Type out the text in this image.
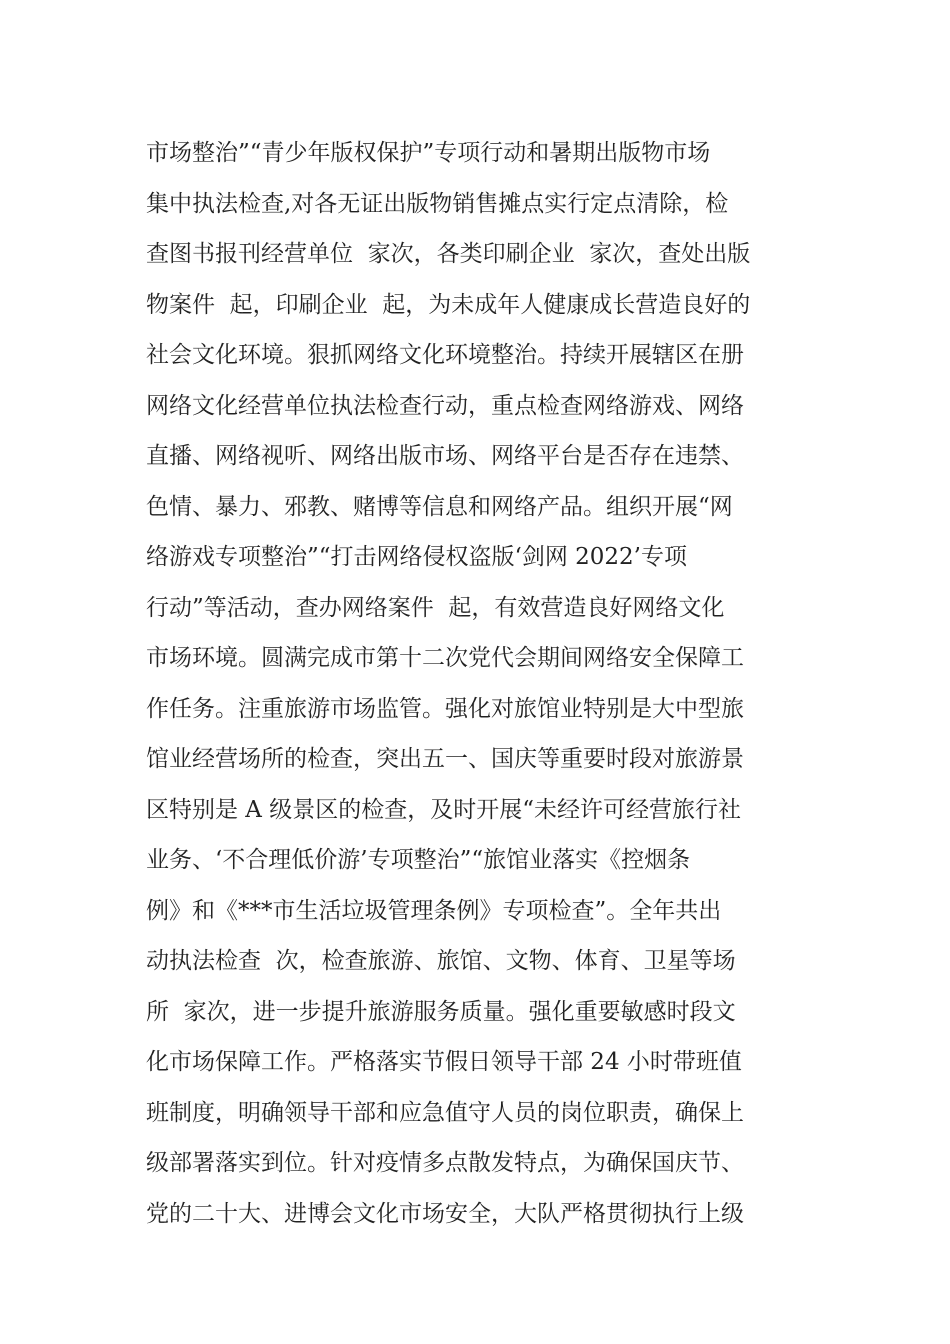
市场整治”“青少年版权保护”专项行动和暑期出版物市场
集中执法检查,对各无证出版物销售摊点实行定点清除，检
查图书报刊经营单位  家次，各类印刷企业  家次，查处出版
物案件  起，印刷企业  起，为未成年人健康成长营造良好的
社会文化环境。狠抓网络文化环境整治。持续开展辖区在册
网络文化经营单位执法检查行动，重点检查网络游戏、网络
直播、网络视听、网络出版市场、网络平台是否存在违禁、
色情、暴力、邪教、赌博等信息和网络产品。组织开展“网
络游戏专项整治”“打击网络侵权盗版‘剑网 2022’专项
行动”等活动，查办网络案件  起，有效营造良好网络文化
市场环境。圆满完成市第十二次党代会期间网络安全保障工
作任务。注重旅游市场监管。强化对旅馆业特别是大中型旅
馆业经营场所的检查，突出五一、国庆等重要时段对旅游景
区特别是 A 级景区的检查，及时开展“未经许可经营旅行社
业务、‘不合理低价游’专项整治”“旅馆业落实《控烟条
例》和《***市生活垃圾管理条例》专项检查”。全年共出
动执法检查  次，检查旅游、旅馆、文物、体育、卫星等场
所  家次，进一步提升旅游服务质量。强化重要敏感时段文
化市场保障工作。严格落实节假日领导干部 24 小时带班值
班制度，明确领导干部和应急值守人员的岗位职责，确保上
级部署落实到位。针对疫情多点散发特点，为确保国庆节、
党的二十大、进博会文化市场安全，大队严格贯彻执行上级
